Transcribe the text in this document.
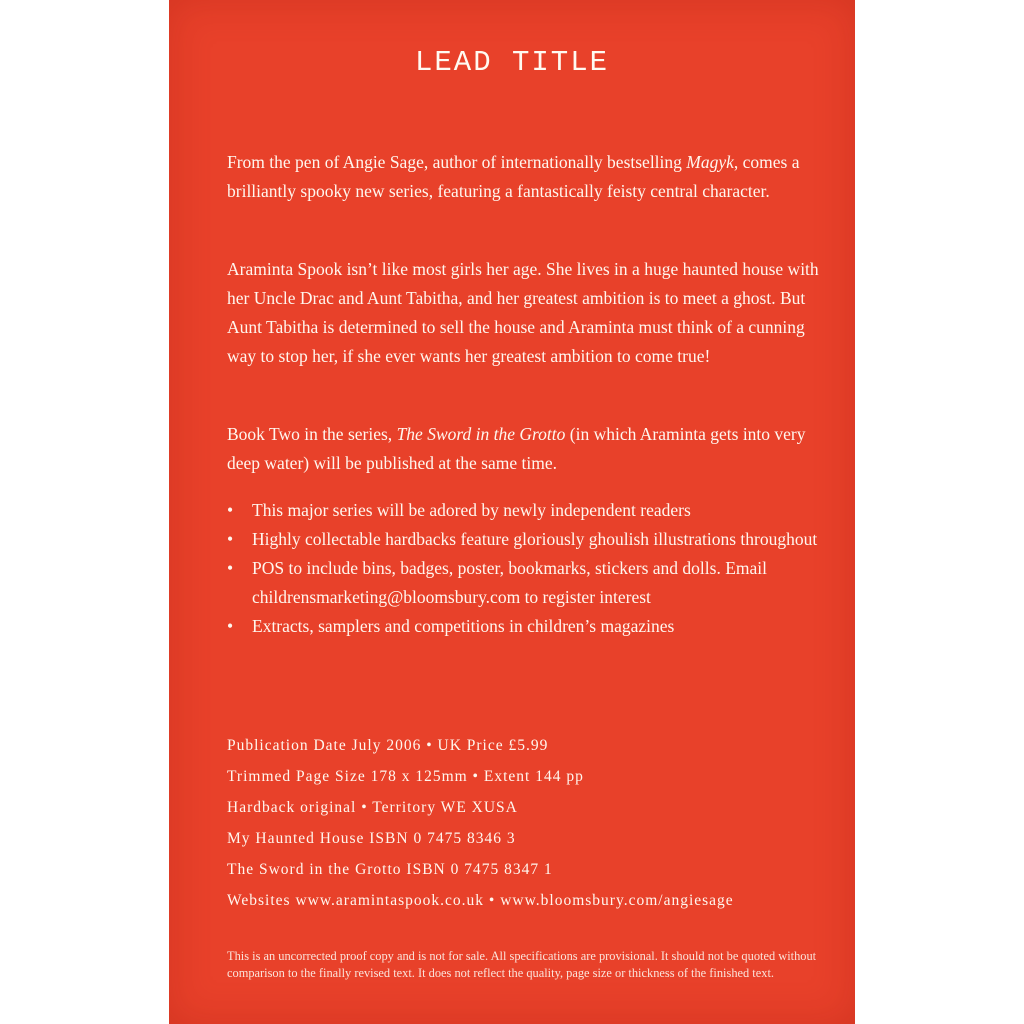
LEAD TITLE
From the pen of Angie Sage, author of internationally bestselling Magyk, comes a brilliantly spooky new series, featuring a fantastically feisty central character.
Araminta Spook isn’t like most girls her age. She lives in a huge haunted house with her Uncle Drac and Aunt Tabitha, and her greatest ambition is to meet a ghost. But Aunt Tabitha is determined to sell the house and Araminta must think of a cunning way to stop her, if she ever wants her greatest ambition to come true!
Book Two in the series, The Sword in the Grotto (in which Araminta gets into very deep water) will be published at the same time.
• This major series will be adored by newly independent readers
• Highly collectable hardbacks feature gloriously ghoulish illustrations throughout
• POS to include bins, badges, poster, bookmarks, stickers and dolls. Email childrensmarketing@bloomsbury.com to register interest
• Extracts, samplers and competitions in children’s magazines
Publication Date July 2006 • UK Price £5.99
Trimmed Page Size 178 x 125mm • Extent 144 pp
Hardback original • Territory WE XUSA
My Haunted House ISBN 0 7475 8346 3
The Sword in the Grotto ISBN 0 7475 8347 1
Websites www.aramintaspook.co.uk • www.bloomsbury.com/angiesage
This is an uncorrected proof copy and is not for sale. All specifications are provisional. It should not be quoted without comparison to the finally revised text. It does not reflect the quality, page size or thickness of the finished text.
